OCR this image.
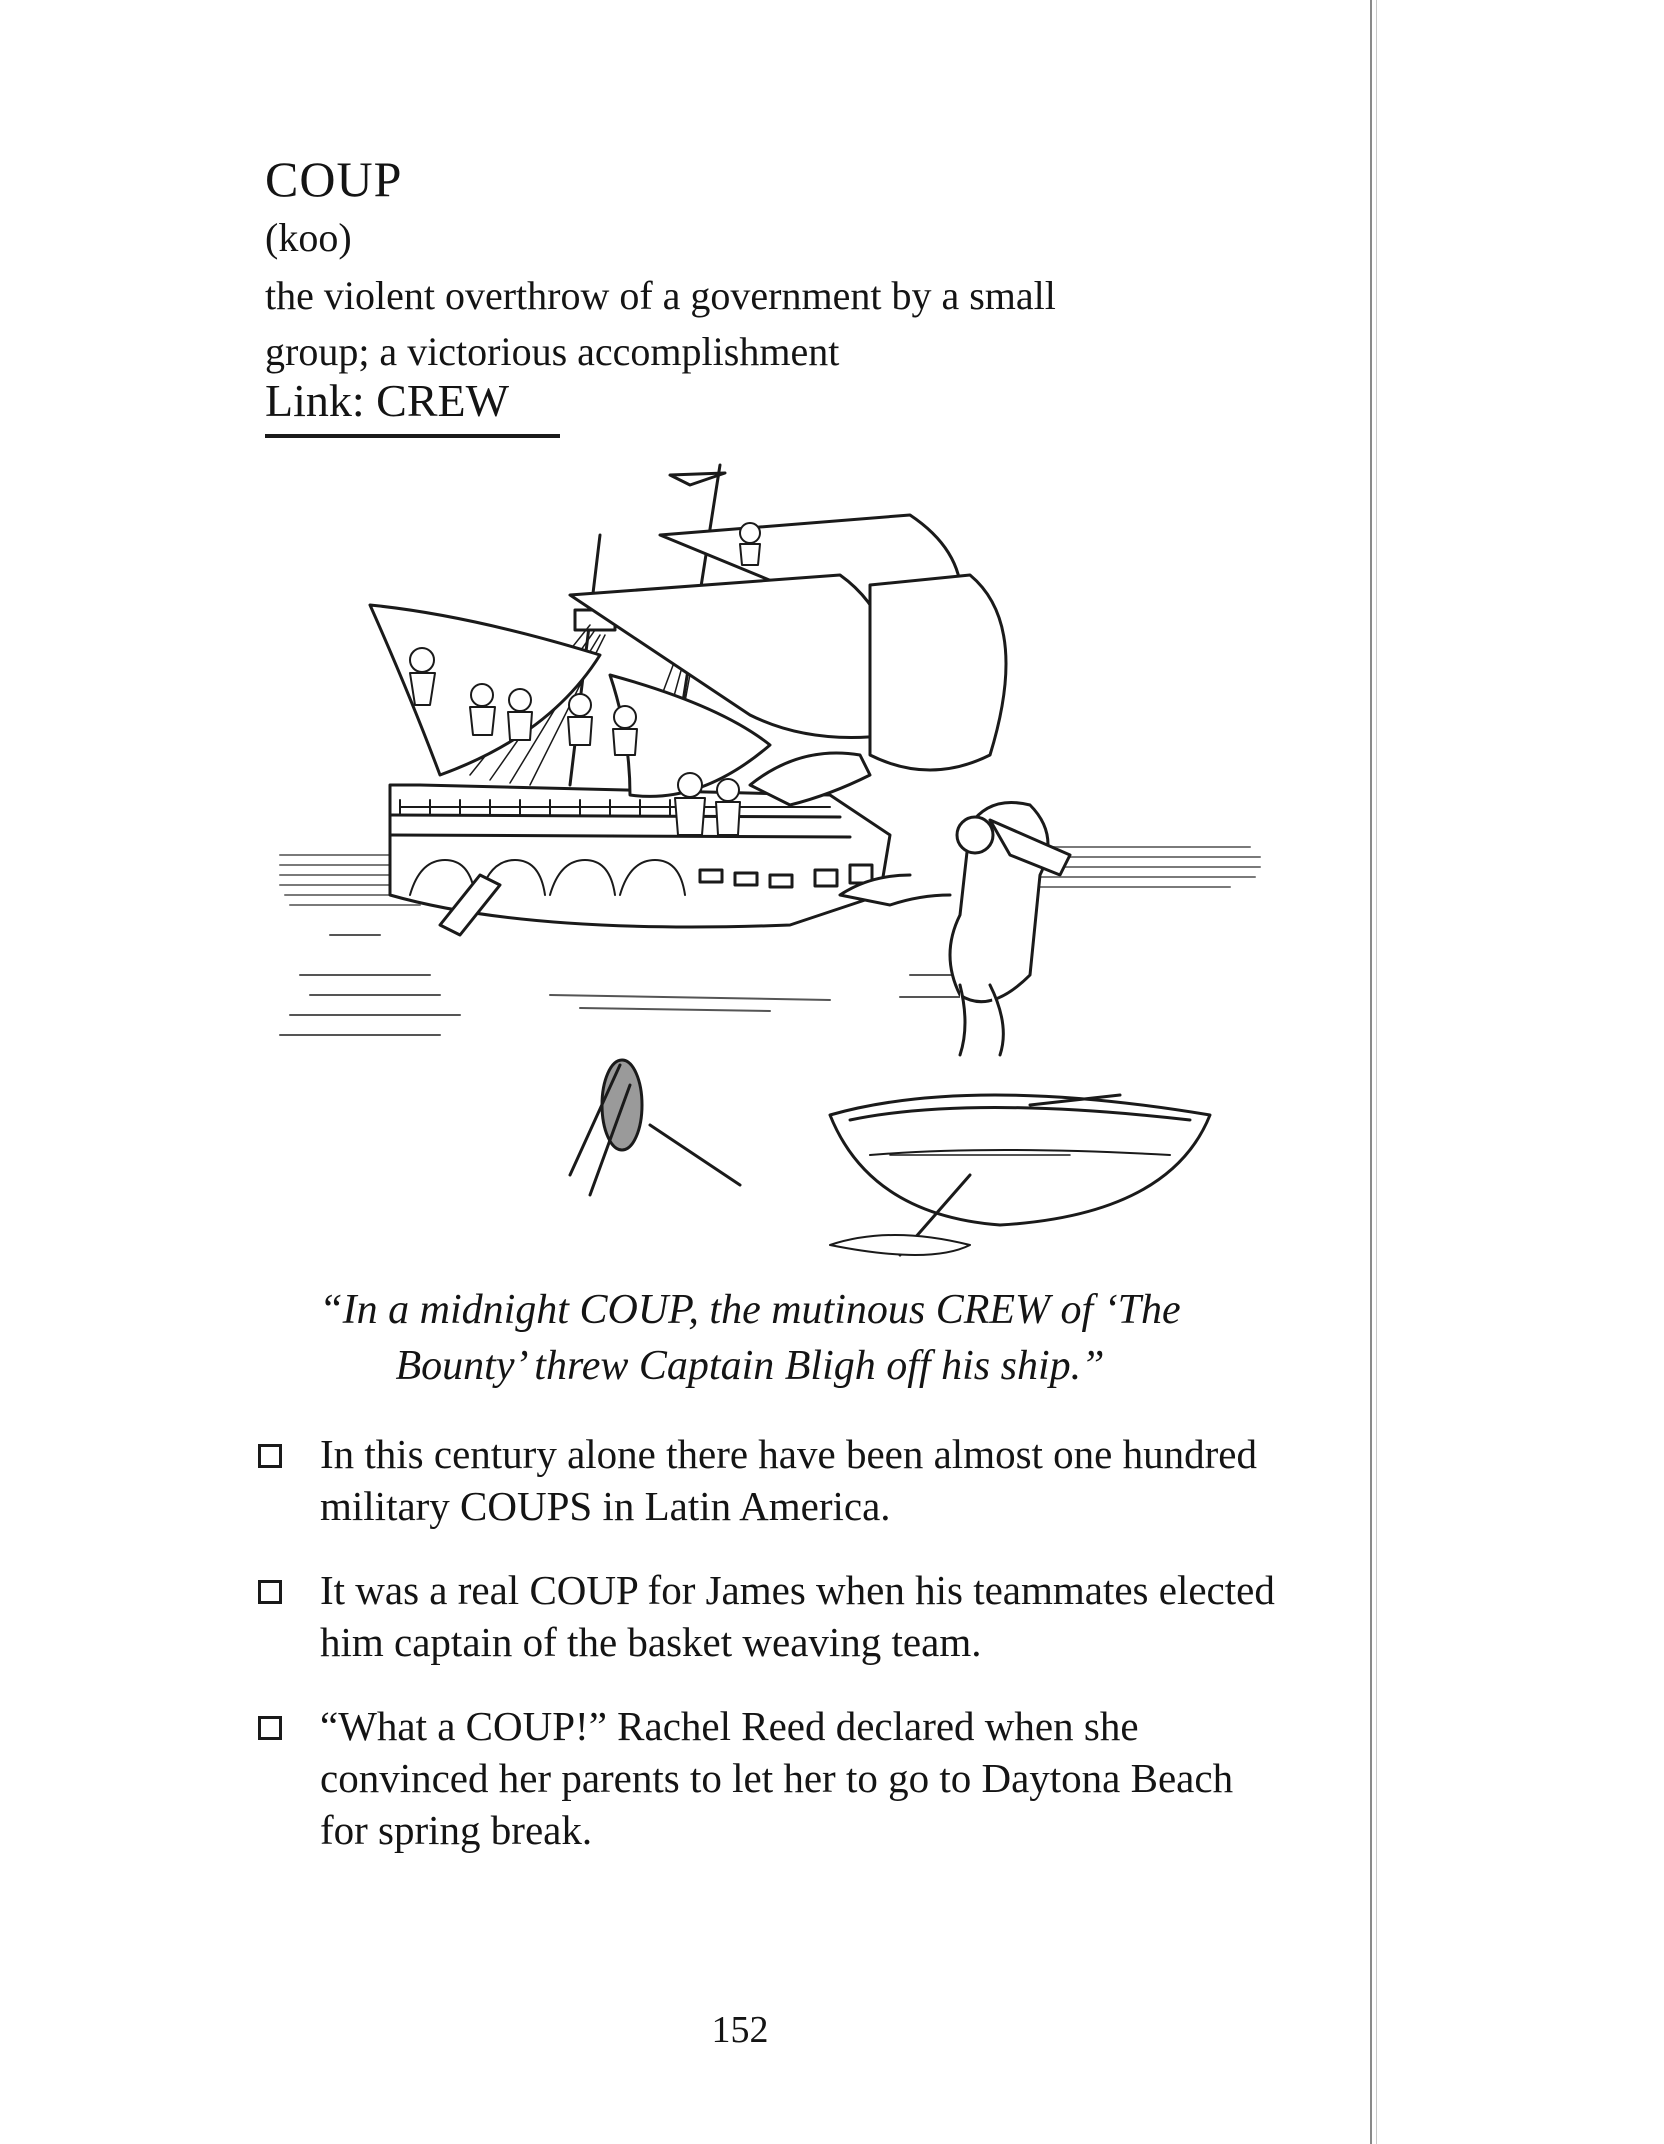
COUP
(koo)
the violent overthrow of a government by a small group; a victorious accomplishment
Link: CREW
“In a midnight COUP, the mutinous CREW of ‘The Bounty’ threw Captain Bligh off his ship.”
In this century alone there have been almost one hundred military COUPS in Latin America.
It was a real COUP for James when his teammates elected him captain of the basket weaving team.
“What a COUP!” Rachel Reed declared when she convinced her parents to let her to go to Daytona Beach for spring break.
152
